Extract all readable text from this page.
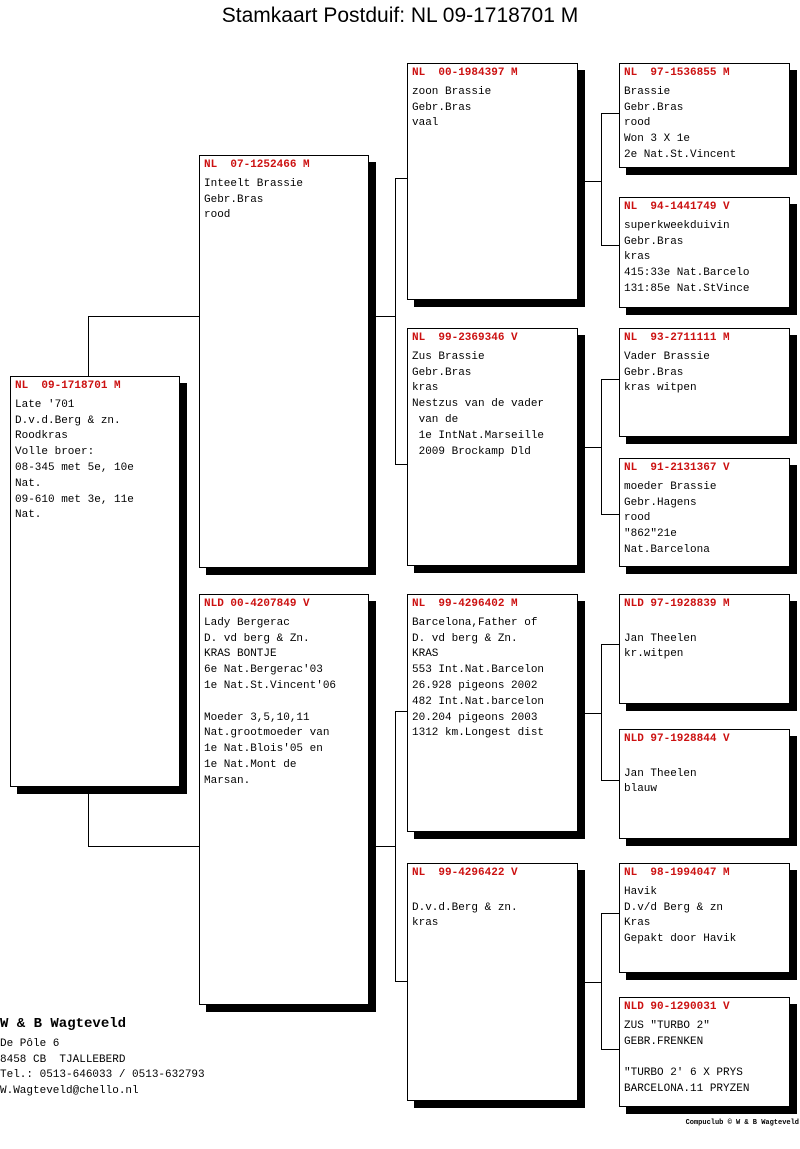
Stamkaart Postduif: NL 09-1718701 M
NL  09-1718701 M
Late '701
D.v.d.Berg & zn.
Roodkras
Volle broer:
08-345 met 5e, 10e
Nat.
09-610 met 3e, 11e
Nat.
NL  07-1252466 M
Inteelt Brassie
Gebr.Bras
rood
NLD 00-4207849 V
Lady Bergerac
D. vd berg & Zn.
KRAS BONTJE
6e Nat.Bergerac'03
1e Nat.St.Vincent'06
Moeder 3,5,10,11
Nat.grootmoeder van
1e Nat.Blois'05 en
1e Nat.Mont de
Marsan.
NL  00-1984397 M
zoon Brassie
Gebr.Bras
vaal
NL  99-2369346 V
Zus Brassie
Gebr.Bras
kras
Nestzus van de vader
van de
1e IntNat.Marseille
2009 Brockamp Dld
NL  99-4296402 M
Barcelona,Father of
D. vd berg & Zn.
KRAS
553 Int.Nat.Barcelon
26.928 pigeons 2002
482 Int.Nat.barcelon
20.204 pigeons 2003
1312 km.Longest dist
NL  99-4296422 V
D.v.d.Berg & zn.
kras
NL  97-1536855 M
Brassie
Gebr.Bras
rood
Won 3 X 1e
2e Nat.St.Vincent
NL  94-1441749 V
superkweekduivin
Gebr.Bras
kras
415:33e Nat.Barcelo
131:85e Nat.StVince
NL  93-2711111 M
Vader Brassie
Gebr.Bras
kras witpen
NL  91-2131367 V
moeder Brassie
Gebr.Hagens
rood
"862"21e
Nat.Barcelona
NLD 97-1928839 M
Jan Theelen
kr.witpen
NLD 97-1928844 V
Jan Theelen
blauw
NL  98-1994047 M
Havik
D.v/d Berg & zn
Kras
Gepakt door Havik
NLD 90-1290031 V
ZUS "TURBO 2"
GEBR.FRENKEN
"TURBO 2' 6 X PRYS
BARCELONA.11 PRYZEN
W & B Wagteveld
De Pôle 6
8458 CB  TJALLEBERD
Tel.: 0513-646033 / 0513-632793
W.Wagteveld@chello.nl
Compuclub © W & B Wagteveld
